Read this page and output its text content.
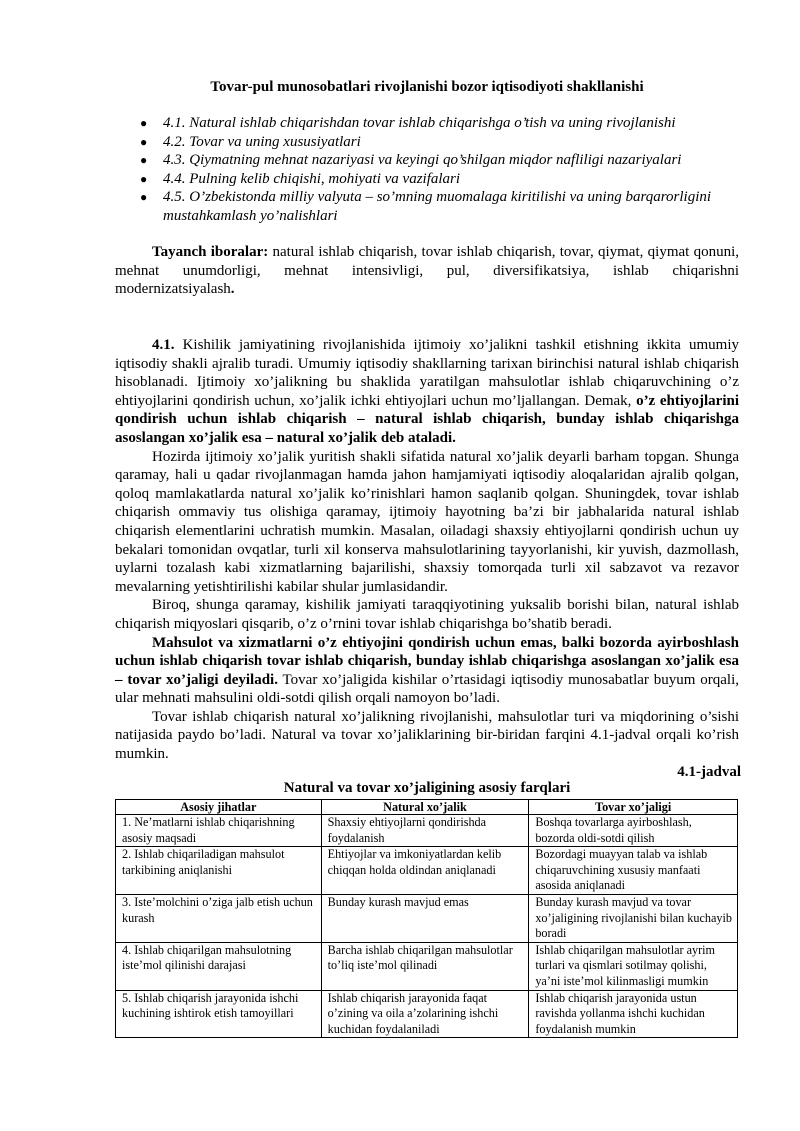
Tovar-pul munosobatlari rivojlanishi bozor iqtisodiyoti shakllanishi

● 4.1. Natural ishlab chiqarishdan tovar ishlab chiqarishga o’tish va uning rivojlanishi
● 4.2. Tovar va uning xususiyatlari
● 4.3. Qiymatning mehnat nazariyasi va keyingi qo’shilgan miqdor nafliligi nazariyalari
● 4.4. Pulning kelib chiqishi, mohiyati va vazifalari
● 4.5. O’zbekistonda milliy valyuta – so’mning muomalaga kiritilishi va uning barqarorligini mustahkamlash yo’nalishlari

Tayanch iboralar: natural ishlab chiqarish, tovar ishlab chiqarish, tovar, qiymat, qiymat qonuni,

mehnat unumdorligi, mehnat intensivligi, pul, diversifikatsiya, ishlab chiqarishni

modernizatsiyalash.

4.1. Kishilik jamiyatining rivojlanishida ijtimoiy xo’jalikni tashkil etishning ikkita umumiy iqtisodiy shakli ajralib turadi. Umumiy iqtisodiy shakllarning tarixan birinchisi natural ishlab chiqarish hisoblanadi. Ijtimoiy xo’jalikning bu shaklida yaratilgan mahsulotlar ishlab chiqaruvchining o’z ehtiyojlarini qondirish uchun, xo’jalik ichki ehtiyojlari uchun mo’ljallangan. Demak, o’z ehtiyojlarini qondirish uchun ishlab chiqarish – natural ishlab chiqarish, bunday ishlab chiqarishga asoslangan xo’jalik esa – natural xo’jalik deb ataladi.

Hozirda ijtimoiy xo’jalik yuritish shakli sifatida natural xo’jalik deyarli barham topgan. Shunga qaramay, hali u qadar rivojlanmagan hamda jahon hamjamiyati iqtisodiy aloqalaridan ajralib qolgan, qoloq mamlakatlarda natural xo’jalik ko’rinishlari hamon saqlanib qolgan. Shuningdek, tovar ishlab chiqarish ommaviy tus olishiga qaramay, ijtimoiy hayotning ba’zi bir jabhalarida natural ishlab chiqarish elementlarini uchratish mumkin. Masalan, oiladagi shaxsiy ehtiyojlarni qondirish uchun uy bekalari tomonidan ovqatlar, turli xil konserva mahsulotlarining tayyorlanishi, kir yuvish, dazmollash, uylarni tozalash kabi xizmatlarning bajarilishi, shaxsiy tomorqada turli xil sabzavot va rezavor mevalarning yetishtirilishi kabilar shular jumlasidandir.

Biroq, shunga qaramay, kishilik jamiyati taraqqiyotining yuksalib borishi bilan, natural ishlab chiqarish miqyoslari qisqarib, o’z o’rnini tovar ishlab chiqarishga bo’shatib beradi.

Mahsulot va xizmatlarni o’z ehtiyojini qondirish uchun emas, balki bozorda ayirboshlash uchun ishlab chiqarish tovar ishlab chiqarish, bunday ishlab chiqarishga asoslangan xo’jalik esa – tovar xo’jaligi deyiladi. Tovar xo’jaligida kishilar o’rtasidagi iqtisodiy munosabatlar buyum orqali, ular mehnati mahsulini oldi-sotdi qilish orqali namoyon bo’ladi.

Tovar ishlab chiqarish natural xo’jalikning rivojlanishi, mahsulotlar turi va miqdorining o’sishi natijasida paydo bo’ladi. Natural va tovar xo’jaliklarining bir-biridan farqini 4.1-jadval orqali ko’rish mumkin.

4.1-jadval

Natural va tovar xo’jaligining asosiy farqlari

Asosiy jihatlar	Natural xo’jalik	Tovar xo’jaligi
1. Ne’matlarni ishlab chiqarishning asosiy maqsadi	Shaxsiy ehtiyojlarni qondirishda foydalanish	Boshqa tovarlarga ayirboshlash, bozorda oldi-sotdi qilish
2. Ishlab chiqariladigan mahsulot tarkibining aniqlanishi	Ehtiyojlar va imkoniyatlardan kelib chiqqan holda oldindan aniqlanadi	Bozordagi muayyan talab va ishlab chiqaruvchining xususiy manfaati asosida aniqlanadi
3. Iste’molchini o’ziga jalb etish uchun kurash	Bunday kurash mavjud emas	Bunday kurash mavjud va tovar xo’jaligining rivojlanishi bilan kuchayib boradi
4. Ishlab chiqarilgan mahsulotning iste’mol qilinishi darajasi	Barcha ishlab chiqarilgan mahsulotlar to’liq iste’mol qilinadi	Ishlab chiqarilgan mahsulotlar ayrim turlari va qismlari sotilmay qolishi, ya’ni iste’mol kilinmasligi mumkin
5. Ishlab chiqarish jarayonida ishchi kuchining ishtirok etish tamoyillari	Ishlab chiqarish jarayonida faqat o’zining va oila a’zolarining ishchi kuchidan foydalaniladi	Ishlab chiqarish jarayonida ustun ravishda yollanma ishchi kuchidan foydalanish mumkin
